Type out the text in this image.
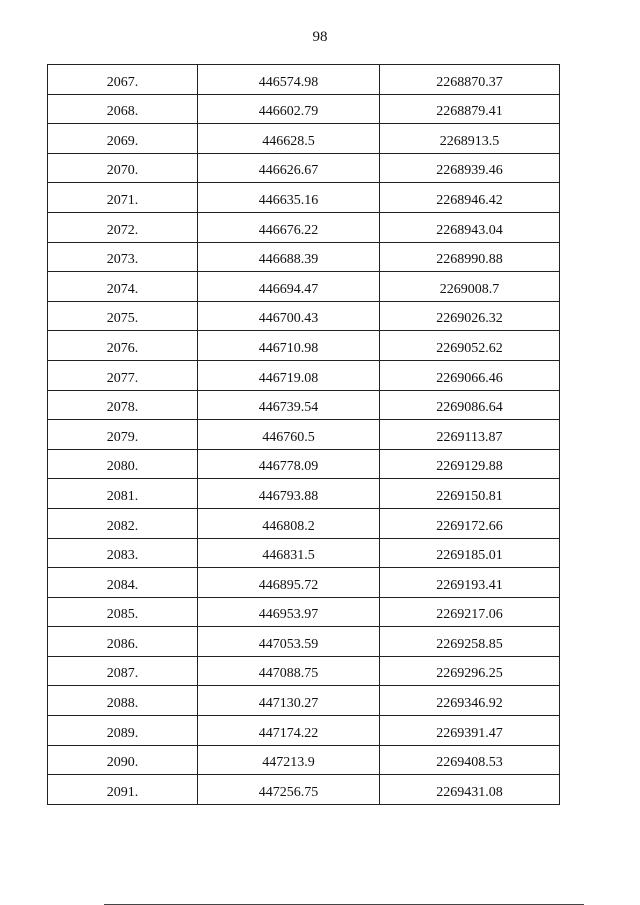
98
2067.	446574.98	2268870.37
2068.	446602.79	2268879.41
2069.	446628.5	2268913.5
2070.	446626.67	2268939.46
2071.	446635.16	2268946.42
2072.	446676.22	2268943.04
2073.	446688.39	2268990.88
2074.	446694.47	2269008.7
2075.	446700.43	2269026.32
2076.	446710.98	2269052.62
2077.	446719.08	2269066.46
2078.	446739.54	2269086.64
2079.	446760.5	2269113.87
2080.	446778.09	2269129.88
2081.	446793.88	2269150.81
2082.	446808.2	2269172.66
2083.	446831.5	2269185.01
2084.	446895.72	2269193.41
2085.	446953.97	2269217.06
2086.	447053.59	2269258.85
2087.	447088.75	2269296.25
2088.	447130.27	2269346.92
2089.	447174.22	2269391.47
2090.	447213.9	2269408.53
2091.	447256.75	2269431.08
